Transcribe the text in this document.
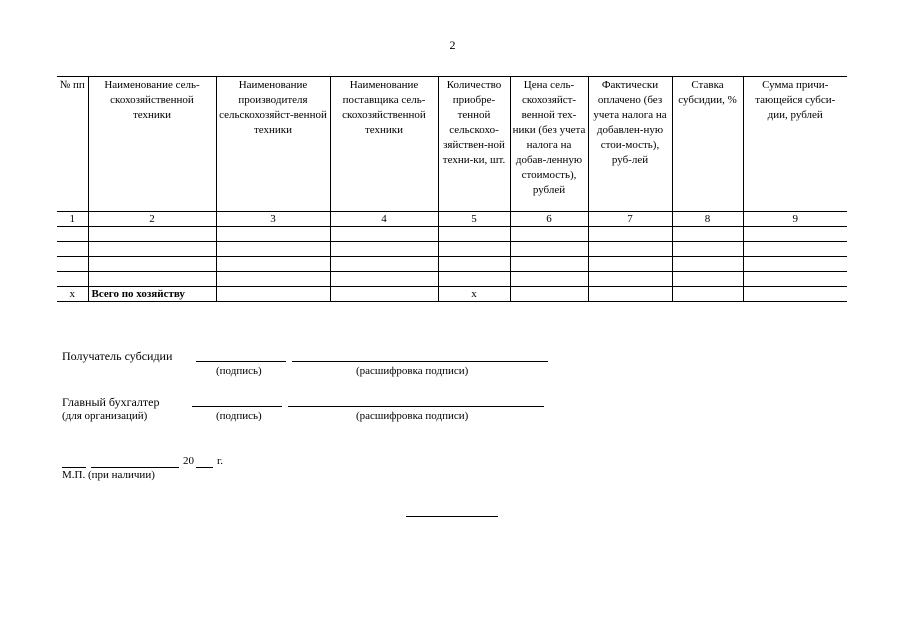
2
№ пп	Наименование сель-скохозяйственной техники	Наименование производителя сельскохозяйст-венной техники	Наименование поставщика сель-скохозяйственной техники	Количество приобре-тенной сельскохо-зяйствен-ной техни-ки, шт.	Цена сель-скохозяйст-венной тех-ники (без учета налога на добав-ленную стоимость), рублей	Фактически оплачено (без учета налога на добавлен-ную стои-мость), руб-лей	Ставка субсидии, %	Сумма причи-тающейся субси-дии, рублей
1	2	3	4	5	6	7	8	9

х	Всего по хозяйству			х				
Получатель субсидии
(подпись)	(расшифровка подписи)
Главный бухгалтер
(для организаций)	(подпись)	(расшифровка подписи)
20 г.
М.П. (при наличии)
